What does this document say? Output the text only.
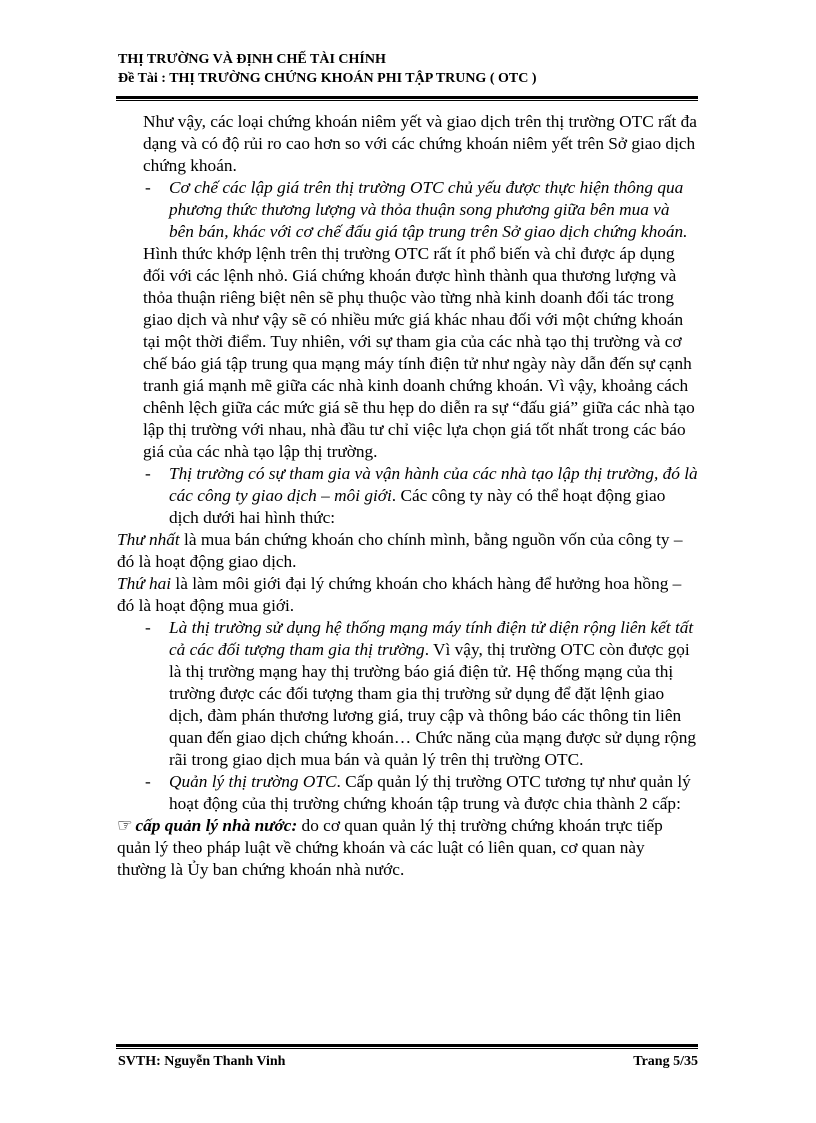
THỊ TRƯỜNG VÀ ĐỊNH CHẾ TÀI CHÍNH
Đề Tài : THỊ TRƯỜNG CHỨNG KHOÁN PHI TẬP TRUNG ( OTC )

Như vậy, các loại chứng khoán niêm yết và giao dịch trên thị trường OTC rất đa dạng và có độ rủi ro cao hơn so với các chứng khoán niêm yết trên Sở giao dịch chứng khoán.

- Cơ chế các lập giá trên thị trường OTC chủ yếu được thực hiện thông qua phương thức thương lượng và thỏa thuận song phương giữa bên mua và bên bán, khác với cơ chế đấu giá tập trung trên Sở giao dịch chứng khoán.

Hình thức khớp lệnh trên thị trường OTC rất ít phổ biến và chỉ được áp dụng đối với các lệnh nhỏ. Giá chứng khoán được hình thành qua thương lượng và thỏa thuận riêng biệt nên sẽ phụ thuộc vào từng nhà kinh doanh đối tác trong giao dịch và như vậy sẽ có nhiều mức giá khác nhau đối với một chứng khoán tại một thời điểm. Tuy nhiên, với sự tham gia của các nhà tạo thị trường và cơ chế báo giá tập trung qua mạng máy tính điện tử như ngày này dẫn đến sự cạnh tranh giá mạnh mẽ giữa các nhà kinh doanh chứng khoán. Vì vậy, khoảng cách chênh lệch giữa các mức giá sẽ thu hẹp do diễn ra sự “đấu giá” giữa các nhà tạo lập thị trường với nhau, nhà đầu tư chỉ việc lựa chọn giá tốt nhất trong các báo giá của các nhà tạo lập thị trường.

- Thị trường có sự tham gia và vận hành của các nhà tạo lập thị trường, đó là các công ty giao dịch – môi giới. Các công ty này có thể hoạt động giao dịch dưới hai hình thức:

Thư nhất là mua bán chứng khoán cho chính mình, bằng nguồn vốn của công ty – đó là hoạt động giao dịch.

Thứ hai là làm môi giới đại lý chứng khoán cho khách hàng để hưởng hoa hồng – đó là hoạt động mua giới.

- Là thị trường sử dụng hệ thống mạng máy tính điện tử diện rộng liên kết tất cả các đối tượng tham gia thị trường. Vì vậy, thị trường OTC còn được gọi là thị trường mạng hay thị trường báo giá điện tử. Hệ thống mạng của thị trường được các đối tượng tham gia thị trường sử dụng để đặt lệnh giao dịch, đàm phán thương lương giá, truy cập và thông báo các thông tin liên quan đến giao dịch chứng khoán… Chức năng của mạng được sử dụng rộng rãi trong giao dịch mua bán và quản lý trên thị trường OTC.

- Quản lý thị trường OTC. Cấp quản lý thị trường OTC tương tự như quản lý hoạt động của thị trường chứng khoán tập trung và được chia thành 2 cấp:

☞ cấp quản lý nhà nước: do cơ quan quản lý thị trường chứng khoán trực tiếp quản lý theo pháp luật về chứng khoán và các luật có liên quan, cơ quan này thường là Ủy ban chứng khoán nhà nước.

SVTH: Nguyễn Thanh Vinh	Trang 5/35
